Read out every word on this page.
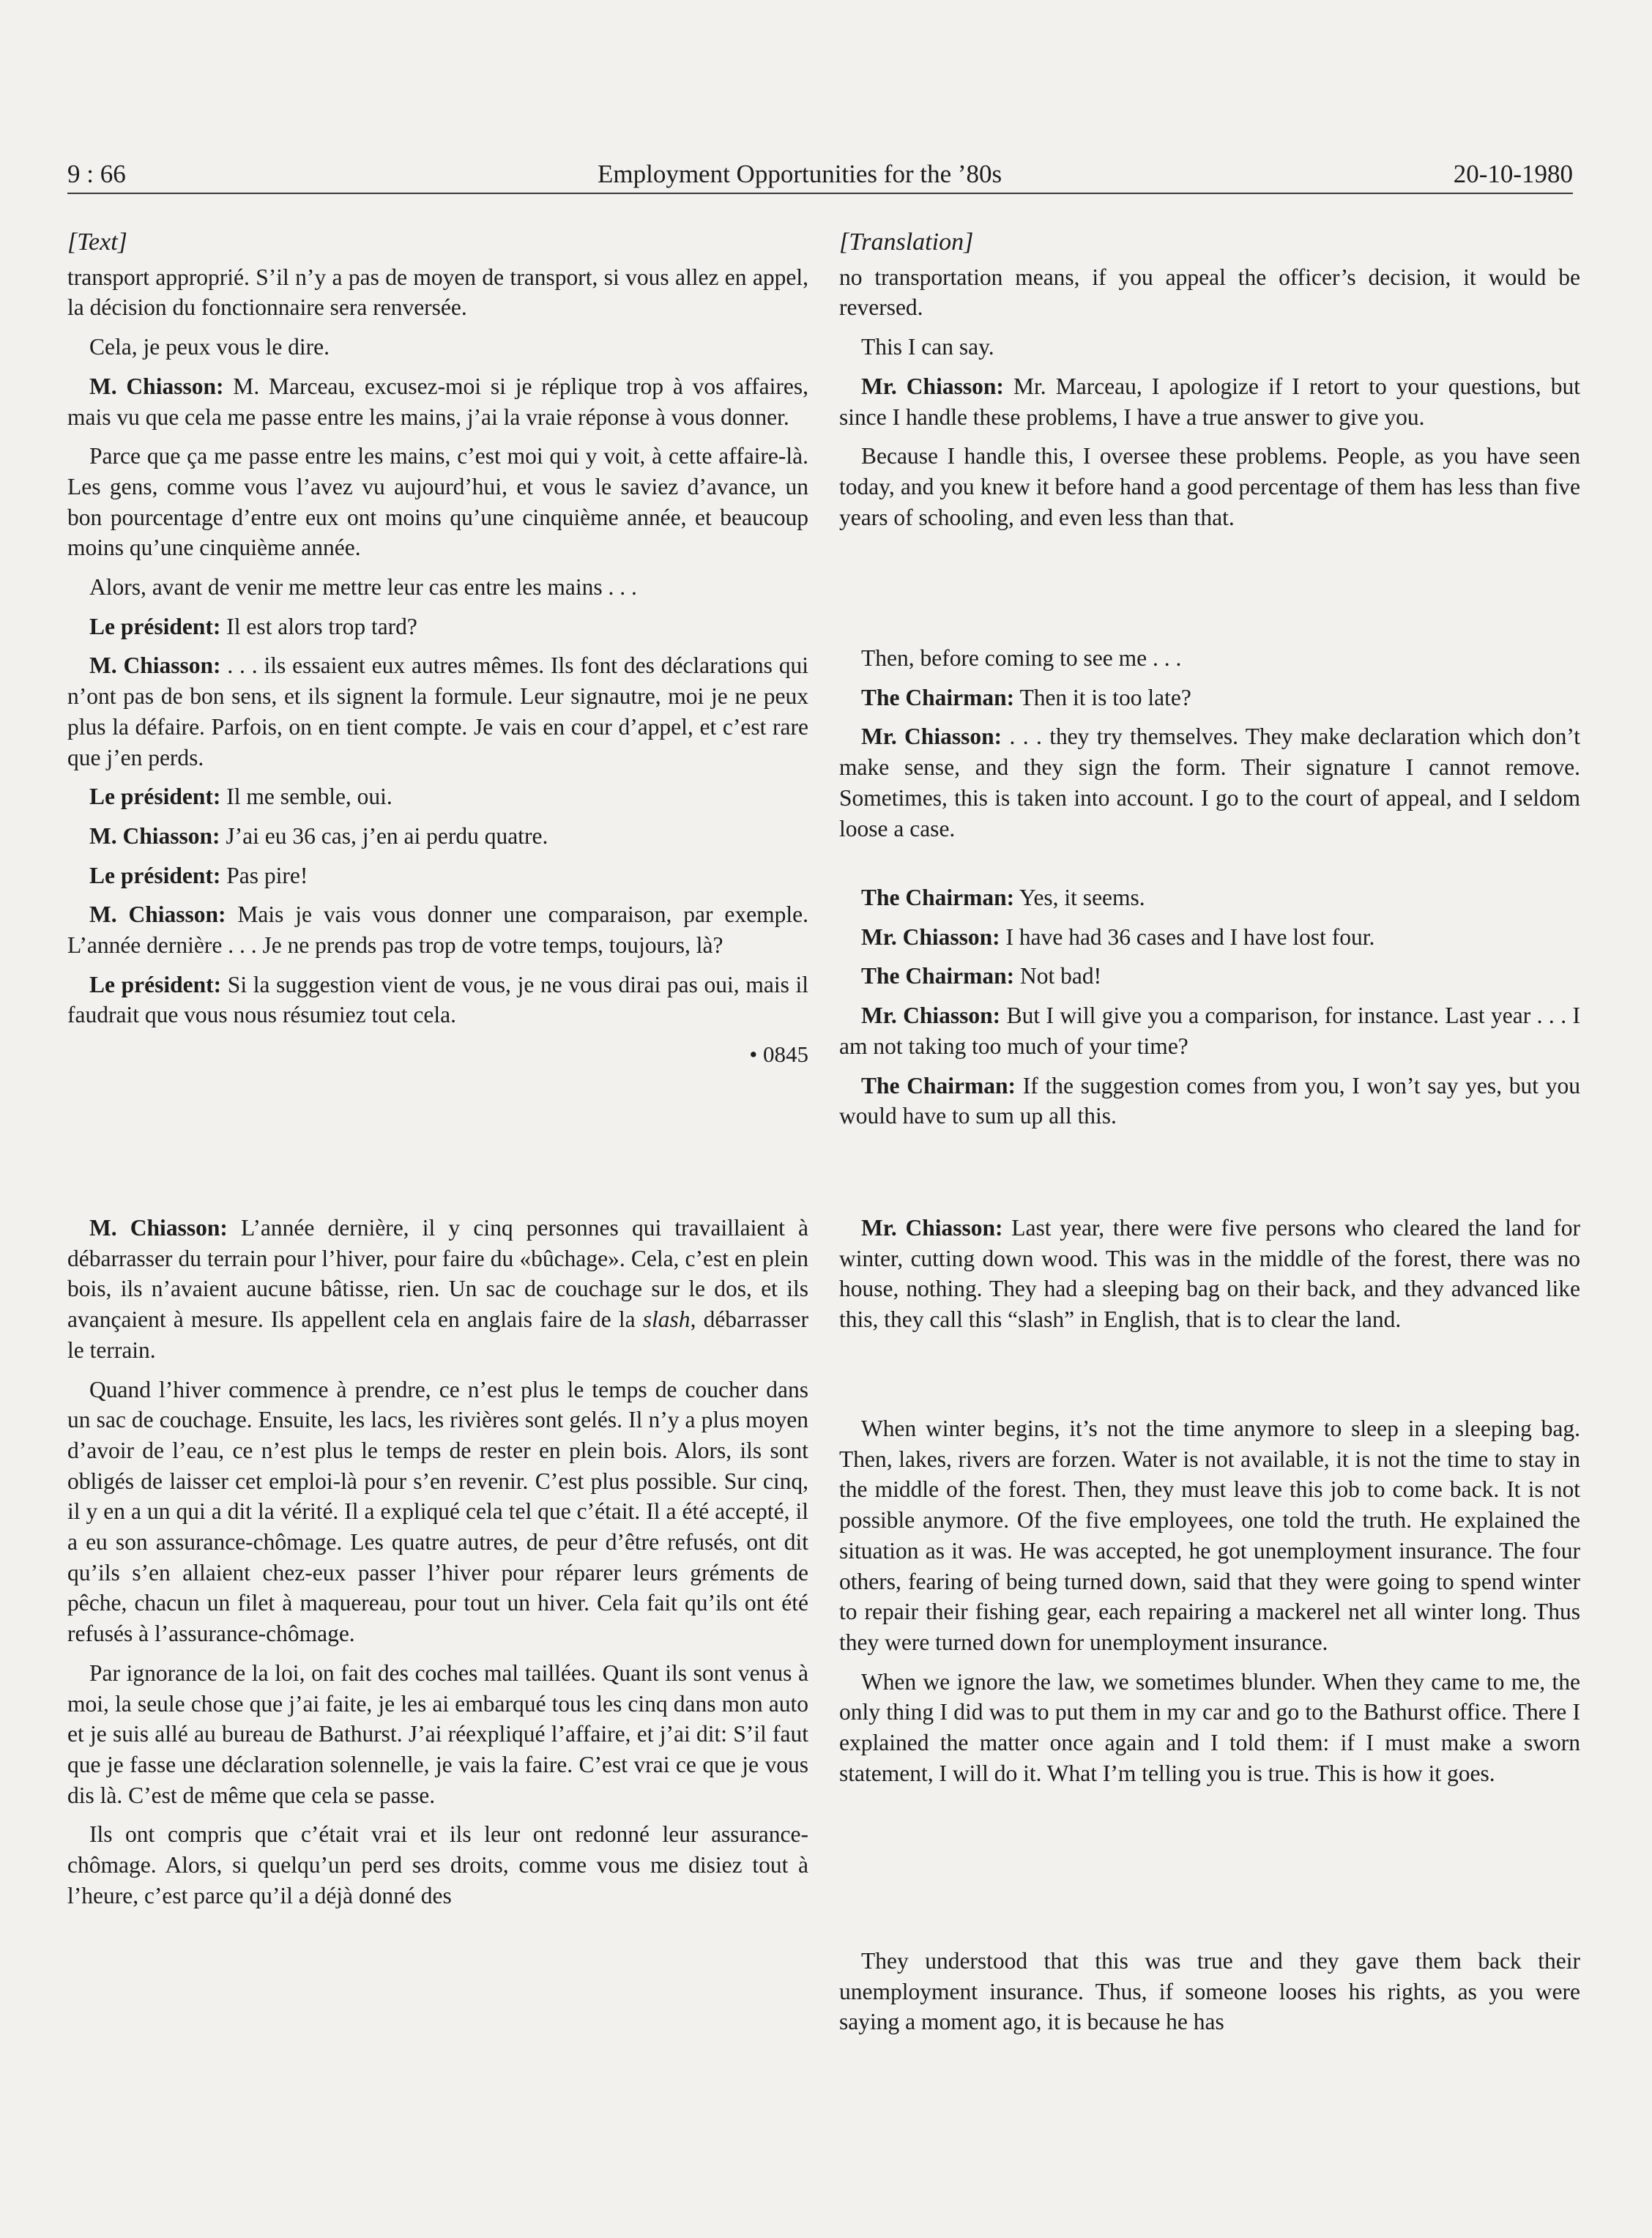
9 : 66	Employment Opportunities for the ’80s	20-10-1980
[Text]

transport approprié. S’il n’y a pas de moyen de transport, si vous allez en appel, la décision du fonctionnaire sera renversée.

Cela, je peux vous le dire.

M. Chiasson: M. Marceau, excusez-moi si je réplique trop à vos affaires, mais vu que cela me passe entre les mains, j’ai la vraie réponse à vous donner.

Parce que ça me passe entre les mains, c’est moi qui y voit, à cette affaire-là. Les gens, comme vous l’avez vu aujourd’hui, et vous le saviez d’avance, un bon pourcentage d’entre eux ont moins qu’une cinquième année, et beaucoup moins qu’une cinquième année.

Alors, avant de venir me mettre leur cas entre les mains . . .

Le président: Il est alors trop tard?

M. Chiasson: . . . ils essaient eux autres mêmes. Ils font des déclarations qui n’ont pas de bon sens, et ils signent la formule. Leur signautre, moi je ne peux plus la défaire. Parfois, on en tient compte. Je vais en cour d’appel, et c’est rare que j’en perds.

Le président: Il me semble, oui.

M. Chiasson: J’ai eu 36 cas, j’en ai perdu quatre.

Le président: Pas pire!

M. Chiasson: Mais je vais vous donner une comparaison, par exemple. L’année dernière . . . Je ne prends pas trop de votre temps, toujours, là?

Le président: Si la suggestion vient de vous, je ne vous dirai pas oui, mais il faudrait que vous nous résumiez tout cela.

• 0845

M. Chiasson: L’année dernière, il y cinq personnes qui travaillaient à débarrasser du terrain pour l’hiver, pour faire du «bûchage». Cela, c’est en plein bois, ils n’avaient aucune bâtisse, rien. Un sac de couchage sur le dos, et ils avançaient à mesure. Ils appellent cela en anglais faire de la slash, débarrasser le terrain.

Quand l’hiver commence à prendre, ce n’est plus le temps de coucher dans un sac de couchage. Ensuite, les lacs, les rivières sont gelés. Il n’y a plus moyen d’avoir de l’eau, ce n’est plus le temps de rester en plein bois. Alors, ils sont obligés de laisser cet emploi-là pour s’en revenir. C’est plus possible. Sur cinq, il y en a un qui a dit la vérité. Il a expliqué cela tel que c’était. Il a été accepté, il a eu son assurance-chômage. Les quatre autres, de peur d’être refusés, ont dit qu’ils s’en allaient chez-eux passer l’hiver pour réparer leurs gréments de pêche, chacun un filet à maquereau, pour tout un hiver. Cela fait qu’ils ont été refusés à l’assurance-chômage.

Par ignorance de la loi, on fait des coches mal taillées. Quant ils sont venus à moi, la seule chose que j’ai faite, je les ai embarqué tous les cinq dans mon auto et je suis allé au bureau de Bathurst. J’ai réexpliqué l’affaire, et j’ai dit: S’il faut que je fasse une déclaration solennelle, je vais la faire. C’est vrai ce que je vous dis là. C’est de même que cela se passe.

Ils ont compris que c’était vrai et ils leur ont redonné leur assurance-chômage. Alors, si quelqu’un perd ses droits, comme vous me disiez tout à l’heure, c’est parce qu’il a déjà donné des

[Translation]

no transportation means, if you appeal the officer’s decision, it would be reversed.

This I can say.

Mr. Chiasson: Mr. Marceau, I apologize if I retort to your questions, but since I handle these problems, I have a true answer to give you.

Because I handle this, I oversee these problems. People, as you have seen today, and you knew it before hand a good percentage of them has less than five years of schooling, and even less than that.

Then, before coming to see me . . .

The Chairman: Then it is too late?

Mr. Chiasson: . . . they try themselves. They make declaration which don’t make sense, and they sign the form. Their signature I cannot remove. Sometimes, this is taken into account. I go to the court of appeal, and I seldom loose a case.

The Chairman: Yes, it seems.

Mr. Chiasson: I have had 36 cases and I have lost four.

The Chairman: Not bad!

Mr. Chiasson: But I will give you a comparison, for instance. Last year . . . I am not taking too much of your time?

The Chairman: If the suggestion comes from you, I won’t say yes, but you would have to sum up all this.

Mr. Chiasson: Last year, there were five persons who cleared the land for winter, cutting down wood. This was in the middle of the forest, there was no house, nothing. They had a sleeping bag on their back, and they advanced like this, they call this “slash” in English, that is to clear the land.

When winter begins, it’s not the time anymore to sleep in a sleeping bag. Then, lakes, rivers are forzen. Water is not available, it is not the time to stay in the middle of the forest. Then, they must leave this job to come back. It is not possible anymore. Of the five employees, one told the truth. He explained the situation as it was. He was accepted, he got unemployment insurance. The four others, fearing of being turned down, said that they were going to spend winter to repair their fishing gear, each repairing a mackerel net all winter long. Thus they were turned down for unemployment insurance.

When we ignore the law, we sometimes blunder. When they came to me, the only thing I did was to put them in my car and go to the Bathurst office. There I explained the matter once again and I told them: if I must make a sworn statement, I will do it. What I’m telling you is true. This is how it goes.

They understood that this was true and they gave them back their unemployment insurance. Thus, if someone looses his rights, as you were saying a moment ago, it is because he has
